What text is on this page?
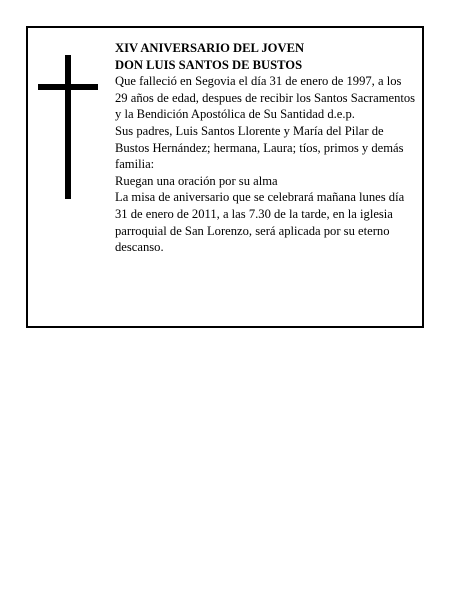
XIV ANIVERSARIO DEL JOVEN

DON LUIS SANTOS DE BUSTOS

Que falleció en Segovia el día 31 de enero de 1997, a los 29 años de edad, despues de recibir los Santos Sacramentos y la Bendición Apostólica de Su Santidad d.e.p.

Sus padres, Luis Santos Llorente y María del Pilar de Bustos Hernández; hermana, Laura; tíos, primos y demás familia:

Ruegan una oración por su alma

La misa de aniversario que se celebrará mañana lunes día 31 de enero de 2011, a las 7.30 de la tarde, en la iglesia parroquial de San Lorenzo, será aplicada por su eterno descanso.
